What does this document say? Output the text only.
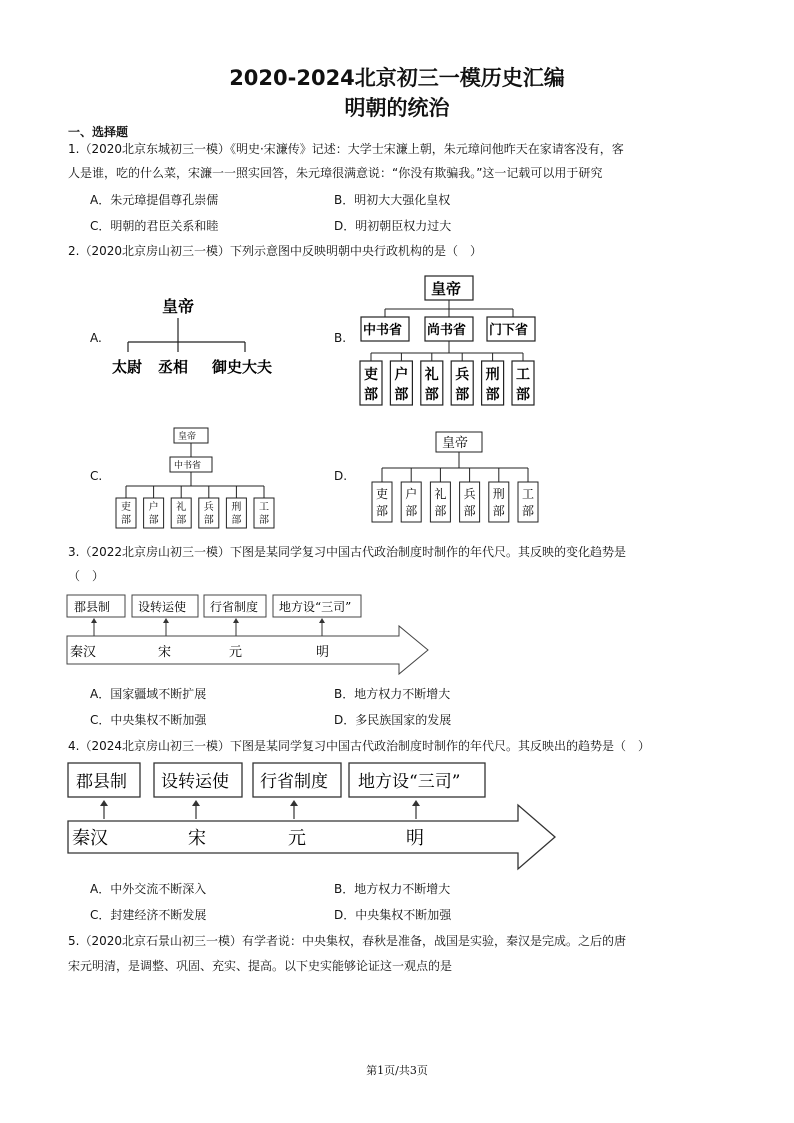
2020-2024北京初三一模历史汇编
明朝的统治
一、选择题
1.（2020北京东城初三一模）《明史·宋濂传》记述：大学士宋濂上朝，朱元璋问他昨天在家请客没有，客
人是谁，吃的什么菜，宋濂一一照实回答，朱元璋很满意说：“你没有欺骗我。”这一记载可以用于研究
A．朱元璋提倡尊孔崇儒	B．明初大大强化皇权
C．明朝的君臣关系和睦	D．明初朝臣权力过大
2.（2020北京房山初三一模）下列示意图中反映明朝中央行政机构的是（　）
A.	B.
C.	D.
皇帝
太尉 丞相 御史大夫
皇帝
中书省 尚书省 门下省
吏
部
户
部
礼
部
兵
部
刑
部
工
部
皇帝
中书省
吏
部
户
部
礼
部
兵
部
刑
部
工
部
皇帝
吏
部
户
部
礼
部
兵
部
刑
部
工
部
3.（2022北京房山初三一模）下图是某同学复习中国古代政治制度时制作的年代尺。其反映的变化趋势是
（　）
郡县制 设转运使 行省制度 地方设“三司”
秦汉	宋	元	明
A．国家疆域不断扩展	B．地方权力不断增大
C．中央集权不断加强	D．多民族国家的发展
4.（2024北京房山初三一模）下图是某同学复习中国古代政治制度时制作的年代尺。其反映出的趋势是（　）
郡县制 设转运使 行省制度 地方设“三司”
秦汉	宋	元	明
A．中外交流不断深入	B．地方权力不断增大
C．封建经济不断发展	D．中央集权不断加强
5.（2020北京石景山初三一模）有学者说：中央集权，春秋是准备，战国是实验，秦汉是完成。之后的唐
宋元明清，是调整、巩固、充实、提高。以下史实能够论证这一观点的是
第1页/共3页
